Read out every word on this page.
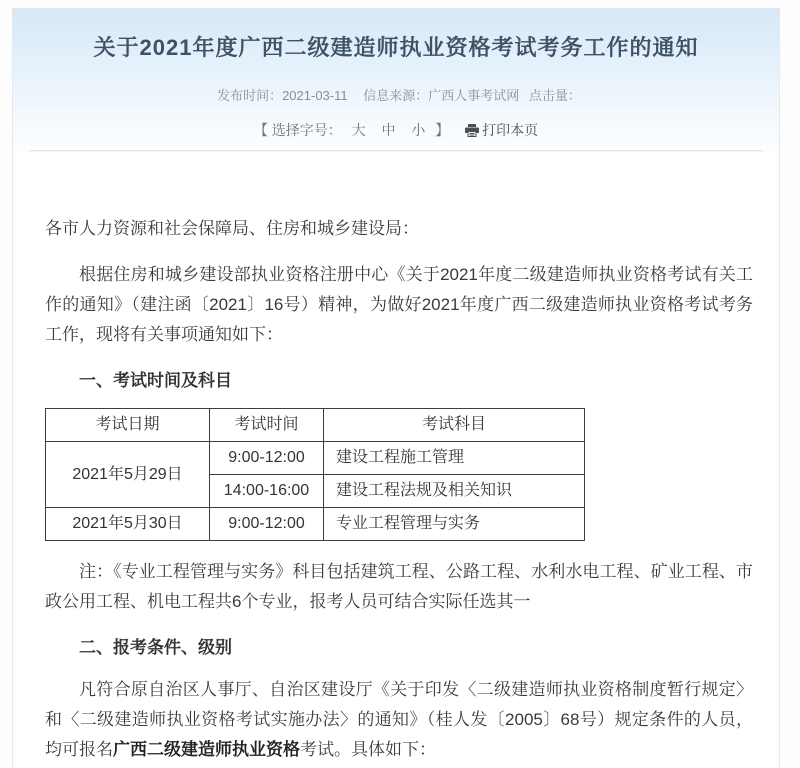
关于2021年度广西二级建造师执业资格考试考务工作的通知
发布时间：2021-03-11 信息来源：广西人事考试网 点击量：
【 选择字号： 大 中 小 】 打印本页

各市人力资源和社会保障局、住房和城乡建设局：

根据住房和城乡建设部执业资格注册中心《关于2021年度二级建造师执业资格考试有关工作的通知》（建注函〔2021〕16号）精神，为做好2021年度广西二级建造师执业资格考试考务工作，现将有关事项通知如下：

一、考试时间及科目
考试日期	考试时间	考试科目
2021年5月29日	9:00-12:00	建设工程施工管理
	14:00-16:00	建设工程法规及相关知识
2021年5月30日	9:00-12:00	专业工程管理与实务

注：《专业工程管理与实务》科目包括建筑工程、公路工程、水利水电工程、矿业工程、市政公用工程、机电工程共6个专业，报考人员可结合实际任选其一

二、报考条件、级别

凡符合原自治区人事厅、自治区建设厅《关于印发〈二级建造师执业资格制度暂行规定〉和〈二级建造师执业资格考试实施办法〉的通知》（桂人发〔2005〕68号）规定条件的人员，均可报名广西二级建造师执业资格考试。具体如下：
